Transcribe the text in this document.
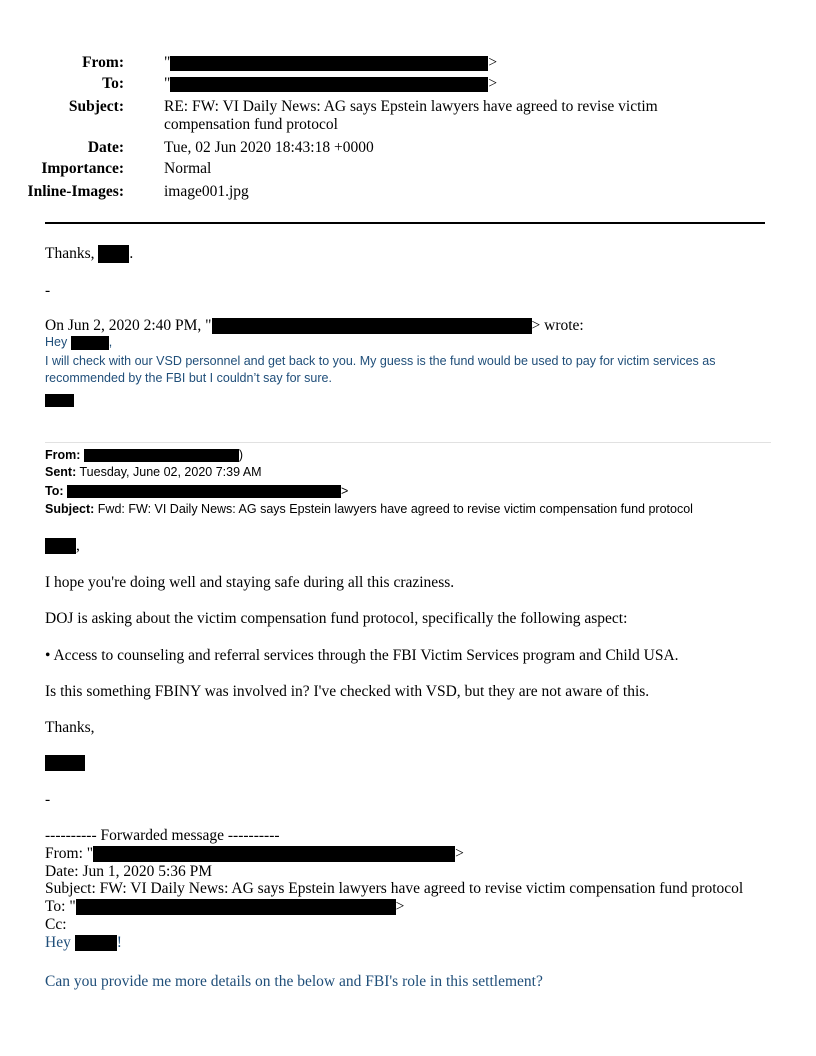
From:	"	>
To:	"	>
Subject:	RE: FW: VI Daily News: AG says Epstein lawyers have agreed to revise victim compensation fund protocol
Date:	Tue, 02 Jun 2020 18:43:18 +0000
Importance:	Normal
Inline-Images:	image001.jpg
Thanks, .
-
On Jun 2, 2020 2:40 PM, "	> wrote:
Hey	,
I will check with our VSD personnel and get back to you. My guess is the fund would be used to pay for victim services as
recommended by the FBI but I couldn’t say for sure.
From:	)
Sent: Tuesday, June 02, 2020 7:39 AM
To:	>
Subject: Fwd: FW: VI Daily News: AG says Epstein lawyers have agreed to revise victim compensation fund protocol
,
I hope you're doing well and staying safe during all this craziness.
DOJ is asking about the victim compensation fund protocol, specifically the following aspect:
• Access to counseling and referral services through the FBI Victim Services program and Child USA.
Is this something FBINY was involved in? I've checked with VSD, but they are not aware of this.
Thanks,
-
---------- Forwarded message ----------
From: "	>
Date: Jun 1, 2020 5:36 PM
Subject: FW: VI Daily News: AG says Epstein lawyers have agreed to revise victim compensation fund protocol
To: "	>
Cc:
Hey	!
Can you provide me more details on the below and FBI's role in this settlement?
